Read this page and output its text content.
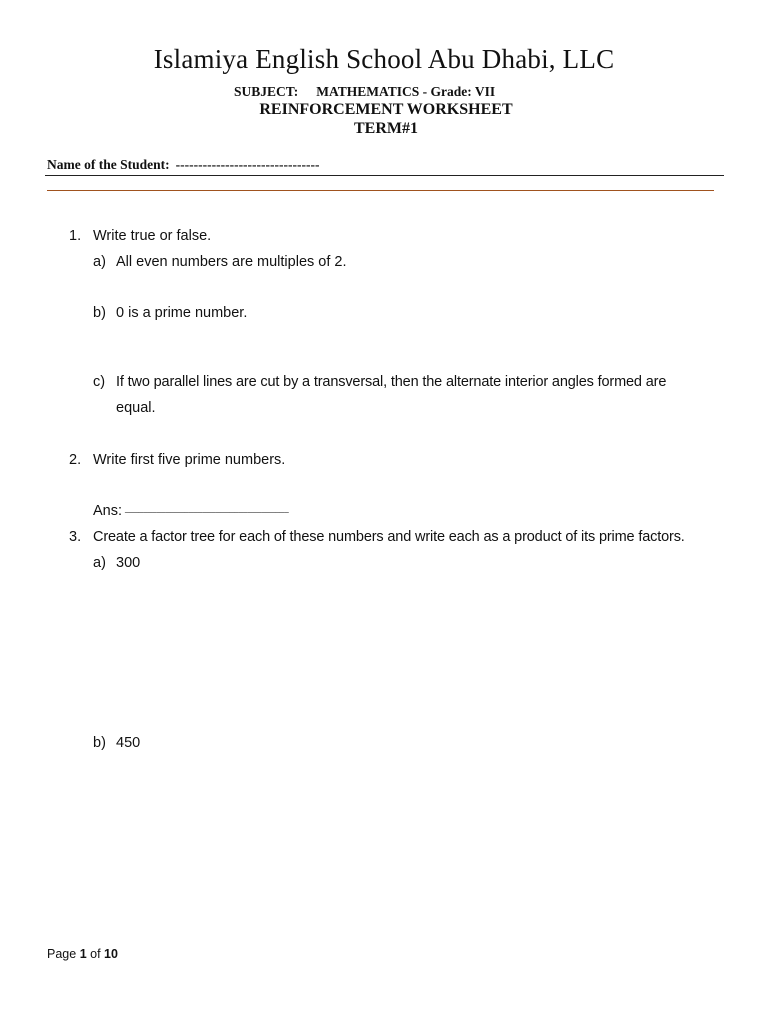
Islamiya English School Abu Dhabi, LLC
SUBJECT: MATHEMATICS - Grade: VII
REINFORCEMENT WORKSHEET
TERM#1
Name of the Student: --------------------------------
1. Write true or false.
a) All even numbers are multiples of 2.
b) 0 is a prime number.
c) If two parallel lines are cut by a transversal, then the alternate interior angles formed are
equal.
2. Write first five prime numbers.
Ans: ____________________________________
3. Create a factor tree for each of these numbers and write each as a product of its prime factors.
a) 300
b) 450
Page 1 of 10
